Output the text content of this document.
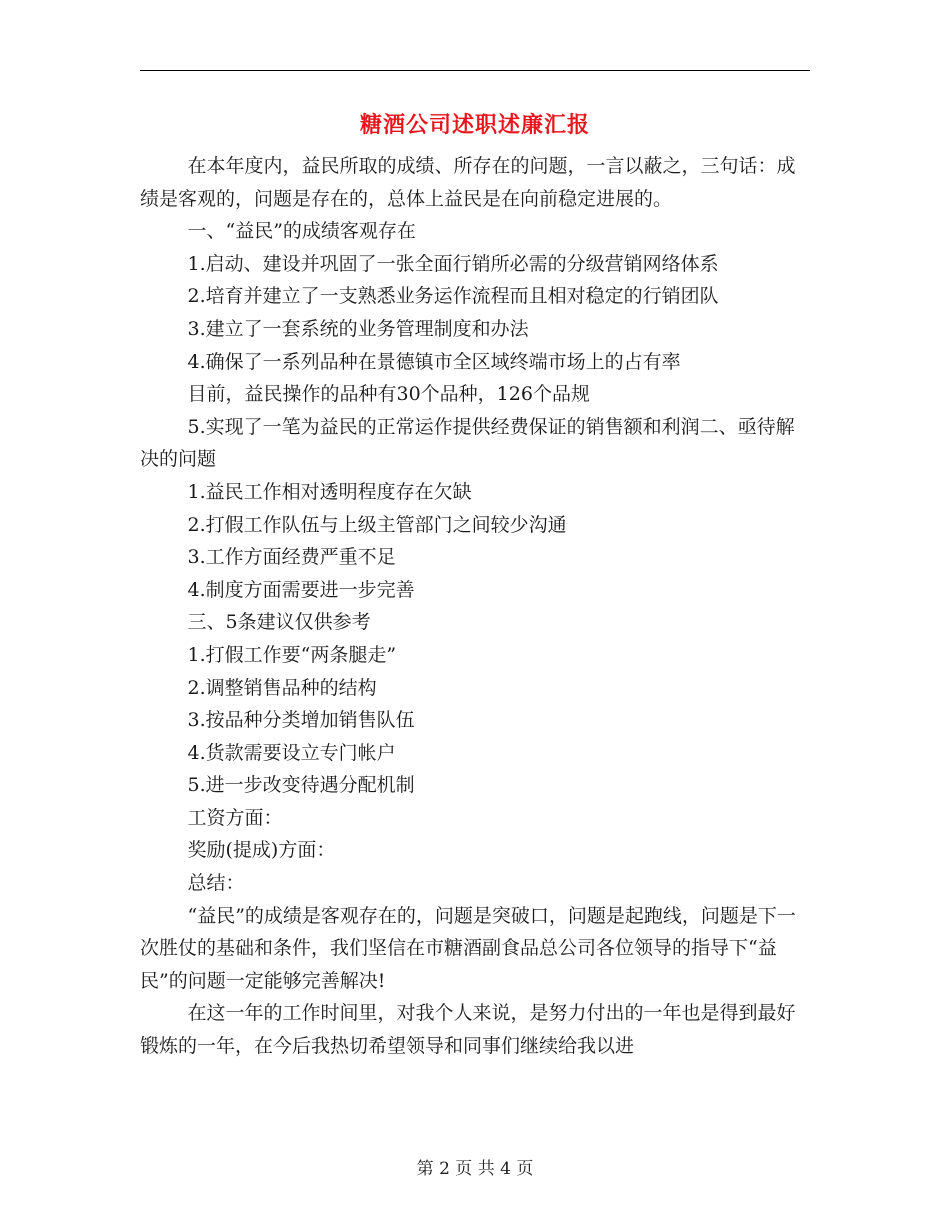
糖酒公司述职述廉汇报

在本年度内，益民所取的成绩、所存在的问题，一言以蔽之，三句话：成绩是客观的，问题是存在的，总体上益民是在向前稳定进展的。

一、“益民”的成绩客观存在

1.启动、建设并巩固了一张全面行销所必需的分级营销网络体系

2.培育并建立了一支熟悉业务运作流程而且相对稳定的行销团队

3.建立了一套系统的业务管理制度和办法

4.确保了一系列品种在景德镇市全区域终端市场上的占有率

目前，益民操作的品种有30个品种，126个品规

5.实现了一笔为益民的正常运作提供经费保证的销售额和利润二、亟待解决的问题

1.益民工作相对透明程度存在欠缺

2.打假工作队伍与上级主管部门之间较少沟通

3.工作方面经费严重不足

4.制度方面需要进一步完善

三、5条建议仅供参考

1.打假工作要“两条腿走”

2.调整销售品种的结构

3.按品种分类增加销售队伍

4.货款需要设立专门帐户

5.进一步改变待遇分配机制

工资方面：

奖励(提成)方面：

总结：

“益民”的成绩是客观存在的，问题是突破口，问题是起跑线，问题是下一次胜仗的基础和条件，我们坚信在市糖酒副食品总公司各位领导的指导下“益民”的问题一定能够完善解决!

在这一年的工作时间里，对我个人来说，是努力付出的一年也是得到最好锻炼的一年，在今后我热切希望领导和同事们继续给我以进

第 2 页 共 4 页
